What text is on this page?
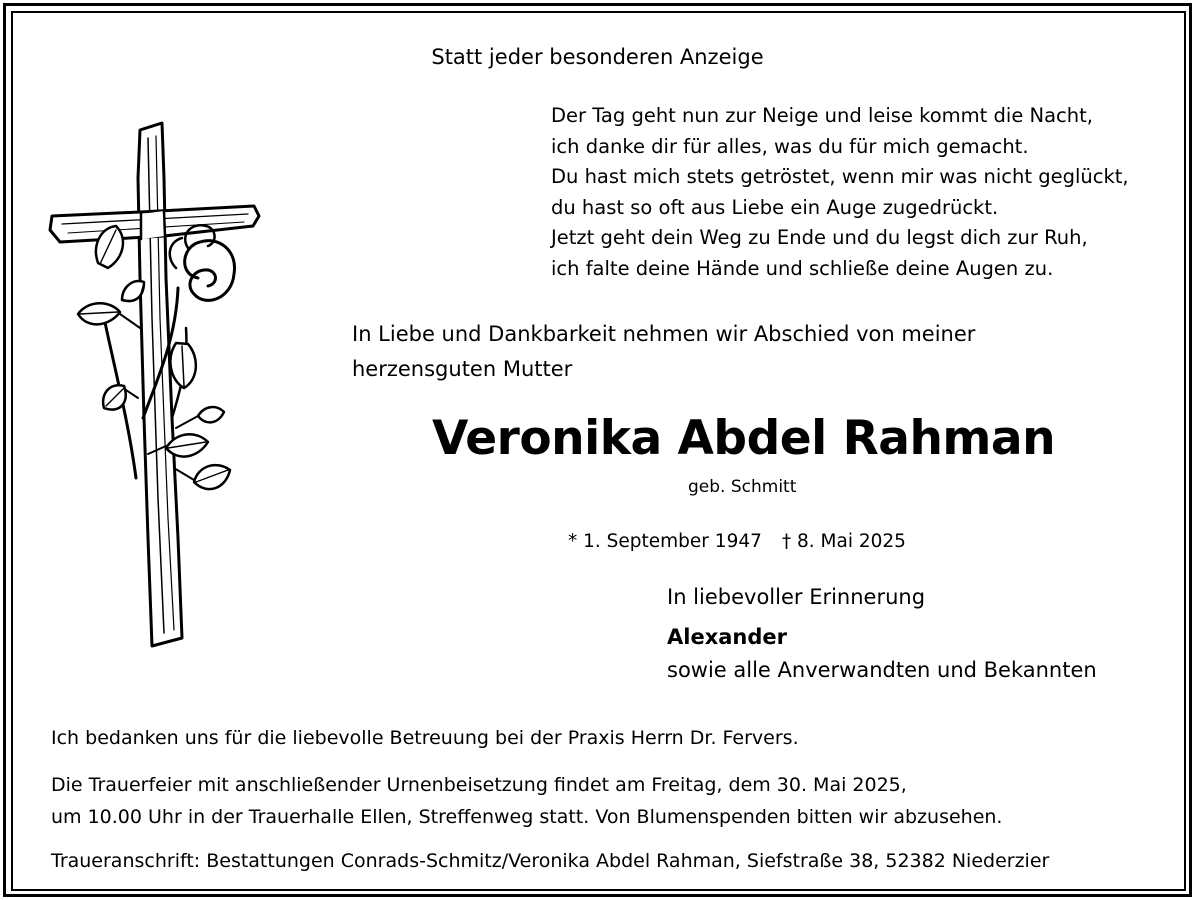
Statt jeder besonderen Anzeige
Der Tag geht nun zur Neige und leise kommt die Nacht,
ich danke dir für alles, was du für mich gemacht.
Du hast mich stets getröstet, wenn mir was nicht geglückt,
du hast so oft aus Liebe ein Auge zugedrückt.
Jetzt geht dein Weg zu Ende und du legst dich zur Ruh,
ich falte deine Hände und schließe deine Augen zu.
In Liebe und Dankbarkeit nehmen wir Abschied von meiner
herzensguten Mutter
Veronika Abdel Rahman
geb. Schmitt
* 1. September 1947 † 8. Mai 2025
In liebevoller Erinnerung
Alexander
sowie alle Anverwandten und Bekannten
Ich bedanken uns für die liebevolle Betreuung bei der Praxis Herrn Dr. Fervers.
Die Trauerfeier mit anschließender Urnenbeisetzung findet am Freitag, dem 30. Mai 2025,
um 10.00 Uhr in der Trauerhalle Ellen, Streffenweg statt. Von Blumenspenden bitten wir abzusehen.
Traueranschrift: Bestattungen Conrads-Schmitz/Veronika Abdel Rahman, Siefstraße 38, 52382 Niederzier
